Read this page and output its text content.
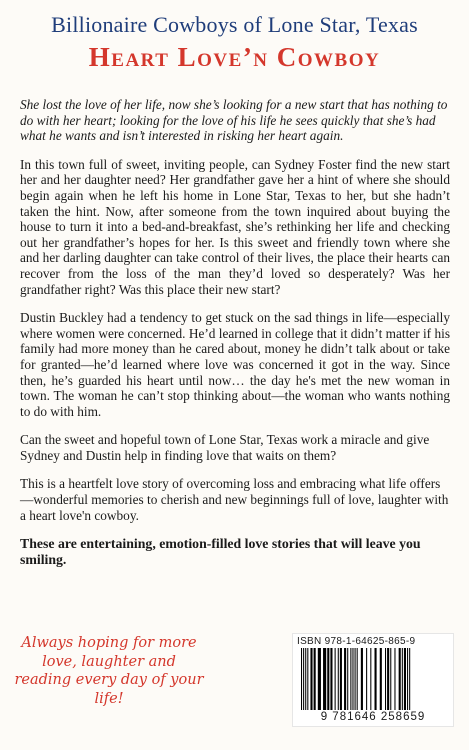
Billionaire Cowboys of Lone Star, Texas
Heart Love’n Cowboy

She lost the love of her life, now she’s looking for a new start that has nothing to do with her heart; looking for the love of his life he sees quickly that she’s had what he wants and isn’t interested in risking her heart again.

In this town full of sweet, inviting people, can Sydney Foster find the new start her and her daughter need? Her grandfather gave her a hint of where she should begin again when he left his home in Lone Star, Texas to her, but she hadn’t taken the hint. Now, after someone from the town inquired about buying the house to turn it into a bed-and-breakfast, she’s rethinking her life and checking out her grandfather’s hopes for her. Is this sweet and friendly town where she and her darling daughter can take control of their lives, the place their hearts can recover from the loss of the man they’d loved so desperately? Was her grandfather right? Was this place their new start?

Dustin Buckley had a tendency to get stuck on the sad things in life—especially where women were concerned. He’d learned in college that it didn’t matter if his family had more money than he cared about, money he didn’t talk about or take for granted—he’d learned where love was concerned it got in the way. Since then, he’s guarded his heart until now… the day he's met the new woman in town. The woman he can’t stop thinking about—the woman who wants nothing to do with him.

Can the sweet and hopeful town of Lone Star, Texas work a miracle and give Sydney and Dustin help in finding love that waits on them?

This is a heartfelt love story of overcoming loss and embracing what life offers—wonderful memories to cherish and new beginnings full of love, laughter with a heart love'n cowboy.

These are entertaining, emotion-filled love stories that will leave you smiling.

Always hoping for more love, laughter and reading every day of your life!
ISBN 978-1-64625-865-9
9 781646 258659
